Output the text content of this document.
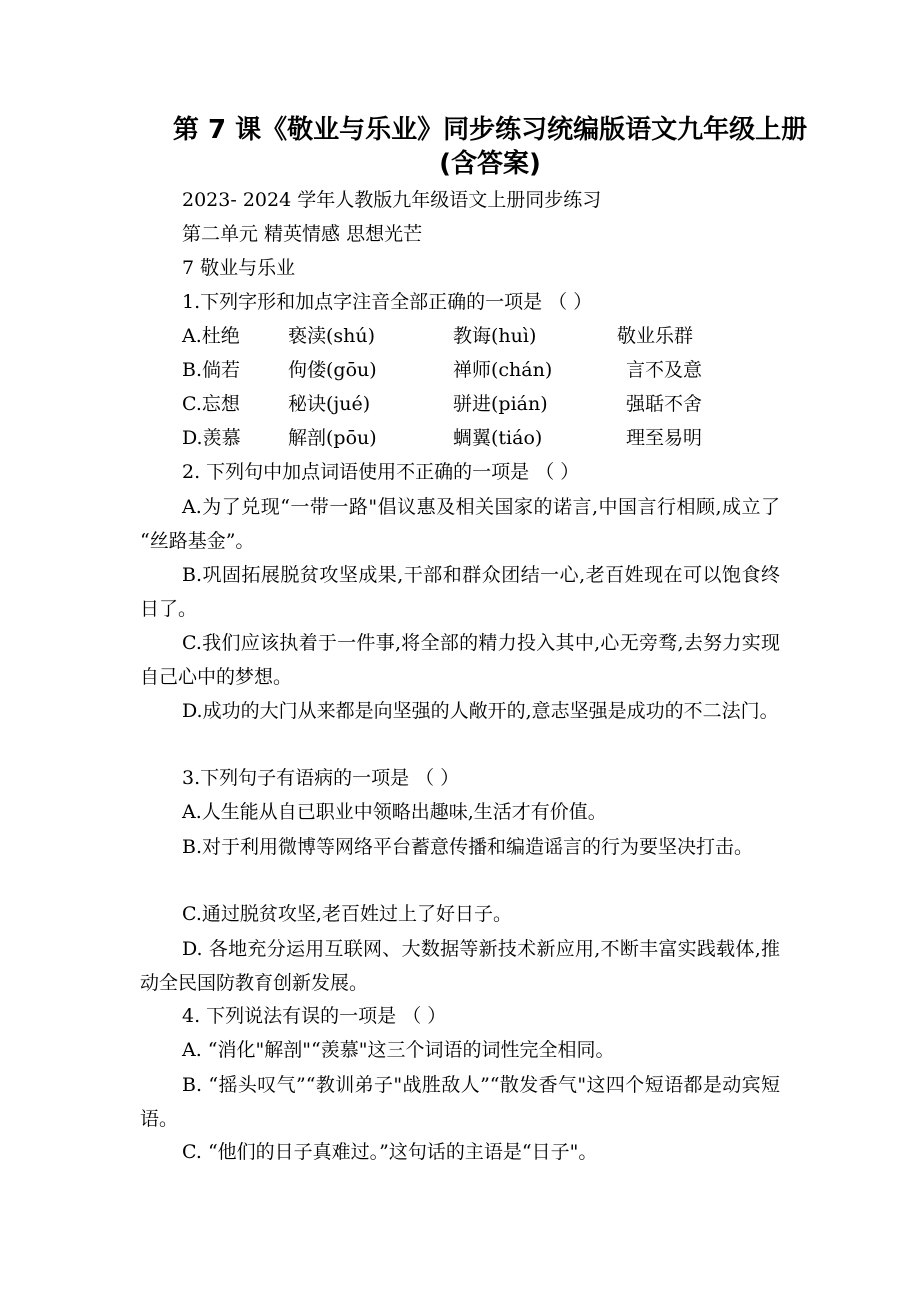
第 7 课《敬业与乐业》同步练习统编版语文九年级上册
(含答案)
2023- 2024 学年人教版九年级语文上册同步练习
第二单元 精英情感 思想光芒
7 敬业与乐业
1.下列字形和加点字注音全部正确的一项是 （ ）
A.杜绝	亵渎(shú)	教诲(huì)	敬业乐群
B.倘若	佝偻(gōu)	禅师(chán)	言不及意
C.忘想	秘诀(jué)	骈进(pián)	强聒不舍
D.羡慕 解剖(pōu)	蜩翼(tiáo)	理至易明
2. 下列句中加点词语使用不正确的一项是 （ ）
A.为了兑现“一带一路"倡议惠及相关国家的诺言,中国言行相顾,成立了 “丝路基金”。
B.巩固拓展脱贫攻坚成果,干部和群众团结一心,老百姓现在可以饱食终日了。
C.我们应该执着于一件事,将全部的精力投入其中,心无旁骛,去努力实现自己心中的梦想。
D.成功的大门从来都是向坚强的人敞开的,意志坚强是成功的不二法门。
3.下列句子有语病的一项是 （ ）
A.人生能从自已职业中领略出趣味,生活才有价值。
B.对于利用微博等网络平台蓄意传播和编造谣言的行为要坚决打击。
C.通过脱贫攻坚,老百姓过上了好日子。
D. 各地充分运用互联网、大数据等新技术新应用,不断丰富实践载体,推动全民国防教育创新发展。
4. 下列说法有误的一项是 （ ）
A. “消化"解剖"“羡慕"这三个词语的词性完全相同。
B. “摇头叹气”“教训弟子"战胜敌人”“散发香气"这四个短语都是动宾短语。
C. “他们的日子真难过。”这句话的主语是“日子"。
